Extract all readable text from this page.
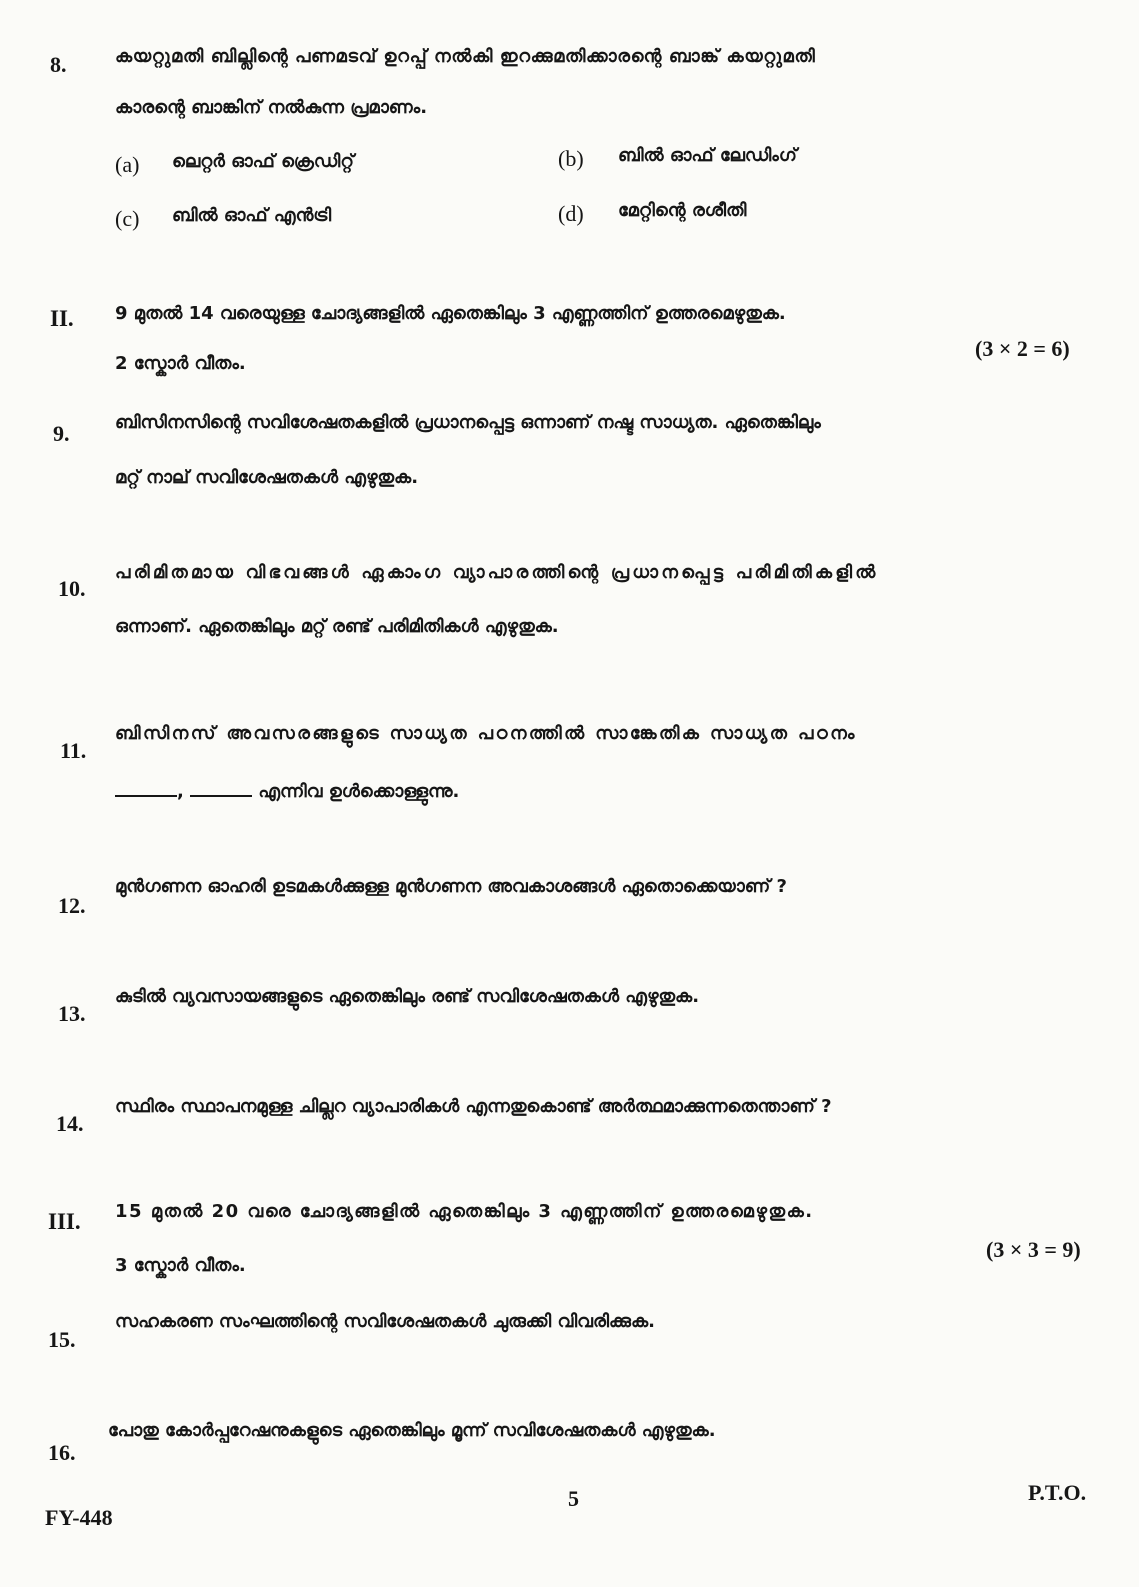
8.	കയറ്റുമതി ബില്ലിന്റെ പണമടവ് ഉറപ്പ് നൽകി ഇറക്കുമതിക്കാരന്റെ ബാങ്ക് കയറ്റുമതി
കാരന്റെ ബാങ്കിന് നൽകുന്ന പ്രമാണം.
(a) ലെറ്റർ ഓഫ് ക്രെഡിറ്റ്	(b) ബിൽ ഓഫ് ലേഡിംഗ്
(c) ബിൽ ഓഫ് എൻട്രി	(d) മേറ്റിന്റെ രശീതി
II. 9 മുതൽ 14 വരെയുള്ള ചോദ്യങ്ങളിൽ ഏതെങ്കിലും 3 എണ്ണത്തിന് ഉത്തരമെഴുതുക.
(3 × 2 = 6)
2 സ്കോർ വീതം.
9.	ബിസിനസിന്റെ സവിശേഷതകളിൽ പ്രധാനപ്പെട്ട ഒന്നാണ് നഷ്ട സാധ്യത. ഏതെങ്കിലും
മറ്റ് നാല് സവിശേഷതകൾ എഴുതുക.
10.
പരിമിതമായ വിഭവങ്ങൾ ഏകാംഗ വ്യാപാരത്തിന്റെ പ്രധാനപ്പെട്ട പരിമിതികളിൽ
ഒന്നാണ്. ഏതെങ്കിലും മറ്റ് രണ്ട് പരിമിതികൾ എഴുതുക.
11.
ബിസിനസ് അവസരങ്ങളുടെ സാധ്യത പഠനത്തിൽ സാങ്കേതിക സാധ്യത പഠനം
,	എന്നിവ ഉൾക്കൊള്ളുന്നു.
12.
മുൻഗണന ഓഹരി ഉടമകൾക്കുള്ള മുൻഗണന അവകാശങ്ങൾ ഏതൊക്കെയാണ് ?
13.
കുടിൽ വ്യവസായങ്ങളുടെ ഏതെങ്കിലും രണ്ട് സവിശേഷതകൾ എഴുതുക.
14.
സ്ഥിരം സ്ഥാപനമുള്ള ചില്ലറ വ്യാപാരികൾ എന്നതുകൊണ്ട് അർത്ഥമാക്കുന്നതെന്താണ് ?
III. 15 മുതൽ 20 വരെ ചോദ്യങ്ങളിൽ ഏതെങ്കിലും 3 എണ്ണത്തിന് ഉത്തരമെഴുതുക.
(3 × 3 = 9)
3 സ്കോർ വീതം.
15.
സഹകരണ സംഘത്തിന്റെ സവിശേഷതകൾ ചുരുക്കി വിവരിക്കുക.
16.
പോതു കോർപ്പറേഷനുകളുടെ ഏതെങ്കിലും മൂന്ന് സവിശേഷതകൾ എഴുതുക.
5	P.T.O.
FY-448
